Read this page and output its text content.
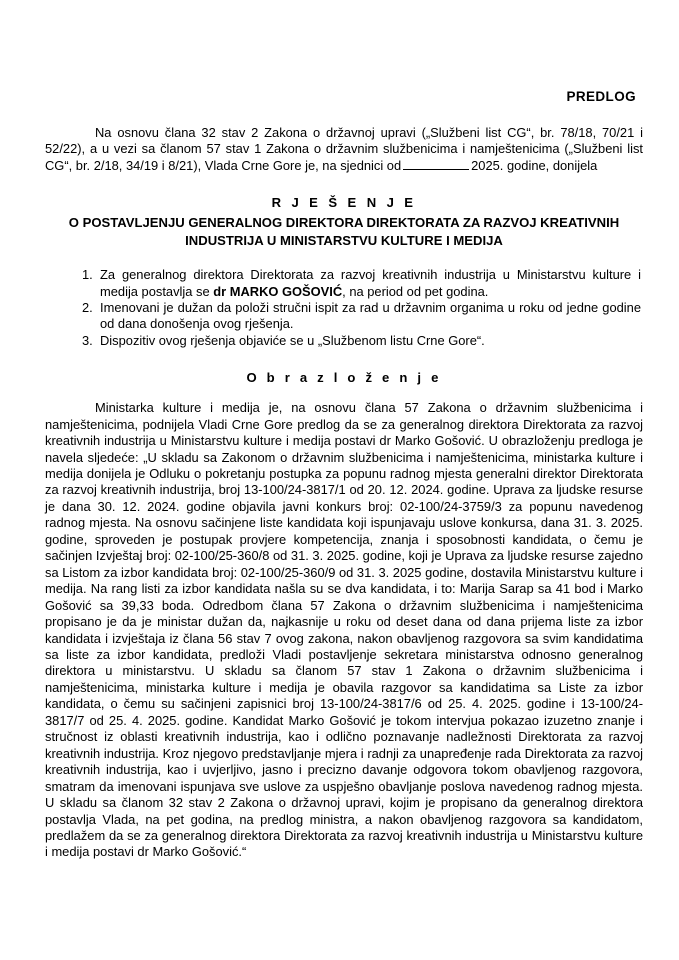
PREDLOG

Na osnovu člana 32 stav 2 Zakona o državnoj upravi („Službeni list CG“, br. 78/18, 70/21 i 52/22), a u vezi sa članom 57 stav 1 Zakona o državnim službenicima i namještenicima („Službeni list CG“, br. 2/18, 34/19 i 8/21), Vlada Crne Gore je, na sjednici od	2025. godine, donijela

R J E Š E N J E
O POSTAVLJENJU GENERALNOG DIREKTORA DIREKTORATA ZA RAZVOJ KREATIVNIH INDUSTRIJA U MINISTARSTVU KULTURE I MEDIJA
1. Za generalnog direktora Direktorata za razvoj kreativnih industrija u Ministarstvu kulture i medija postavlja se dr MARKO GOŠOVIĆ, na period od pet godina.
2. Imenovani je dužan da položi stručni ispit za rad u državnim organima u roku od jedne godine od dana donošenja ovog rješenja.
3. Dispozitiv ovog rješenja objaviće se u „Službenom listu Crne Gore“.
O b r a z l o ž e n j e

Ministarka kulture i medija je, na osnovu člana 57 Zakona o državnim službenicima i namještenicima, podnijela Vladi Crne Gore predlog da se za generalnog direktora Direktorata za razvoj kreativnih industrija u Ministarstvu kulture i medija postavi dr Marko Gošović. U obrazloženju predloga je navela sljedeće: „U skladu sa Zakonom o državnim službenicima i namještenicima, ministarka kulture i medija donijela je Odluku o pokretanju postupka za popunu radnog mjesta generalni direktor Direktorata za razvoj kreativnih industrija, broj 13-100/24-3817/1 od 20. 12. 2024. godine. Uprava za ljudske resurse je dana 30. 12. 2024. godine objavila javni konkurs broj: 02-100/24-3759/3 za popunu navedenog radnog mjesta. Na osnovu sačinjene liste kandidata koji ispunjavaju uslove konkursa, dana 31. 3. 2025. godine, sproveden je postupak provjere kompetencija, znanja i sposobnosti kandidata, o čemu je sačinjen Izvještaj broj: 02-100/25-360/8 od 31. 3. 2025. godine, koji je Uprava za ljudske resurse zajedno sa Listom za izbor kandidata broj: 02-100/25-360/9 od 31. 3. 2025 godine, dostavila Ministarstvu kulture i medija. Na rang listi za izbor kandidata našla su se dva kandidata, i to: Marija Sarap sa 41 bod i Marko Gošović sa 39,33 boda. Odredbom člana 57 Zakona o državnim službenicima i namještenicima propisano je da je ministar dužan da, najkasnije u roku od deset dana od dana prijema liste za izbor kandidata i izvještaja iz člana 56 stav 7 ovog zakona, nakon obavljenog razgovora sa svim kandidatima sa liste za izbor kandidata, predloži Vladi postavljenje sekretara ministarstva odnosno generalnog direktora u ministarstvu. U skladu sa članom 57 stav 1 Zakona o državnim službenicima i namještenicima, ministarka kulture i medija je obavila razgovor sa kandidatima sa Liste za izbor kandidata, o čemu su sačinjeni zapisnici broj 13-100/24-3817/6 od 25. 4. 2025. godine i 13-100/24-3817/7 od 25. 4. 2025. godine. Kandidat Marko Gošović je tokom intervjua pokazao izuzetno znanje i stručnost iz oblasti kreativnih industrija, kao i odlično poznavanje nadležnosti Direktorata za razvoj kreativnih industrija. Kroz njegovo predstavljanje mjera i radnji za unapređenje rada Direktorata za razvoj kreativnih industrija, kao i uvjerljivo, jasno i precizno davanje odgovora tokom obavljenog razgovora, smatram da imenovani ispunjava sve uslove za uspješno obavljanje poslova navedenog radnog mjesta. U skladu sa članom 32 stav 2 Zakona o državnoj upravi, kojim je propisano da generalnog direktora postavlja Vlada, na pet godina, na predlog ministra, a nakon obavljenog razgovora sa kandidatom, predlažem da se za generalnog direktora Direktorata za razvoj kreativnih industrija u Ministarstvu kulture i medija postavi dr Marko Gošović.“
